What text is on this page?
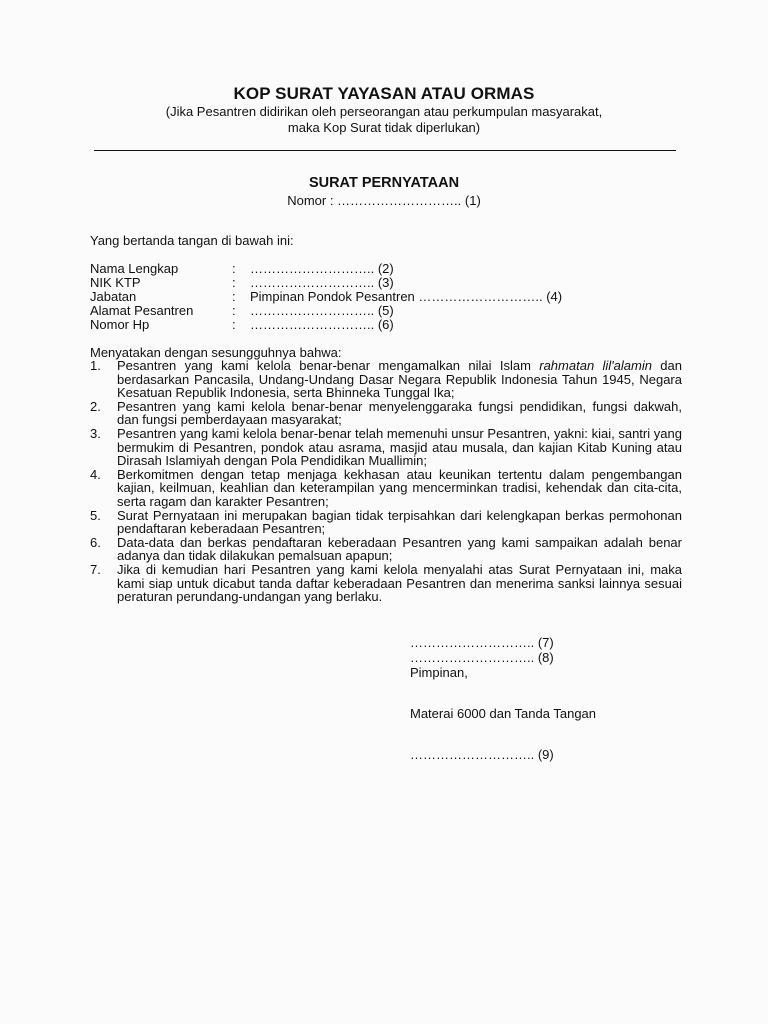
KOP SURAT YAYASAN ATAU ORMAS
(Jika Pesantren didirikan oleh perseorangan atau perkumpulan masyarakat,
maka Kop Surat tidak diperlukan)
SURAT PERNYATAAN
Nomor : ……………………….. (1)
Yang bertanda tangan di bawah ini:
Nama Lengkap	: ……………………….. (2)
NIK KTP	: ……………………….. (3)
Jabatan	: Pimpinan Pondok Pesantren ……………………….. (4)
Alamat Pesantren	: ……………………….. (5)
Nomor Hp	: ……………………….. (6)
Menyatakan dengan sesungguhnya bahwa:
1. Pesantren yang kami kelola benar-benar mengamalkan nilai Islam rahmatan lil'alamin dan berdasarkan Pancasila, Undang-Undang Dasar Negara Republik Indonesia Tahun 1945, Negara Kesatuan Republik Indonesia, serta Bhinneka Tunggal Ika;
2. Pesantren yang kami kelola benar-benar menyelenggaraka fungsi pendidikan, fungsi dakwah, dan fungsi pemberdayaan masyarakat;
3. Pesantren yang kami kelola benar-benar telah memenuhi unsur Pesantren, yakni: kiai, santri yang bermukim di Pesantren, pondok atau asrama, masjid atau musala, dan kajian Kitab Kuning atau Dirasah Islamiyah dengan Pola Pendidikan Muallimin;
4. Berkomitmen dengan tetap menjaga kekhasan atau keunikan tertentu dalam pengembangan kajian, keilmuan, keahlian dan keterampilan yang mencerminkan tradisi, kehendak dan cita-cita, serta ragam dan karakter Pesantren;
5. Surat Pernyataan ini merupakan bagian tidak terpisahkan dari kelengkapan berkas permohonan pendaftaran keberadaan Pesantren;
6. Data-data dan berkas pendaftaran keberadaan Pesantren yang kami sampaikan adalah benar adanya dan tidak dilakukan pemalsuan apapun;
7. Jika di kemudian hari Pesantren yang kami kelola menyalahi atas Surat Pernyataan ini, maka kami siap untuk dicabut tanda daftar keberadaan Pesantren dan menerima sanksi lainnya sesuai peraturan perundang-undangan yang berlaku.
……………………….. (7)
……………………….. (8)
Pimpinan,
Materai 6000 dan Tanda Tangan
……………………….. (9)
